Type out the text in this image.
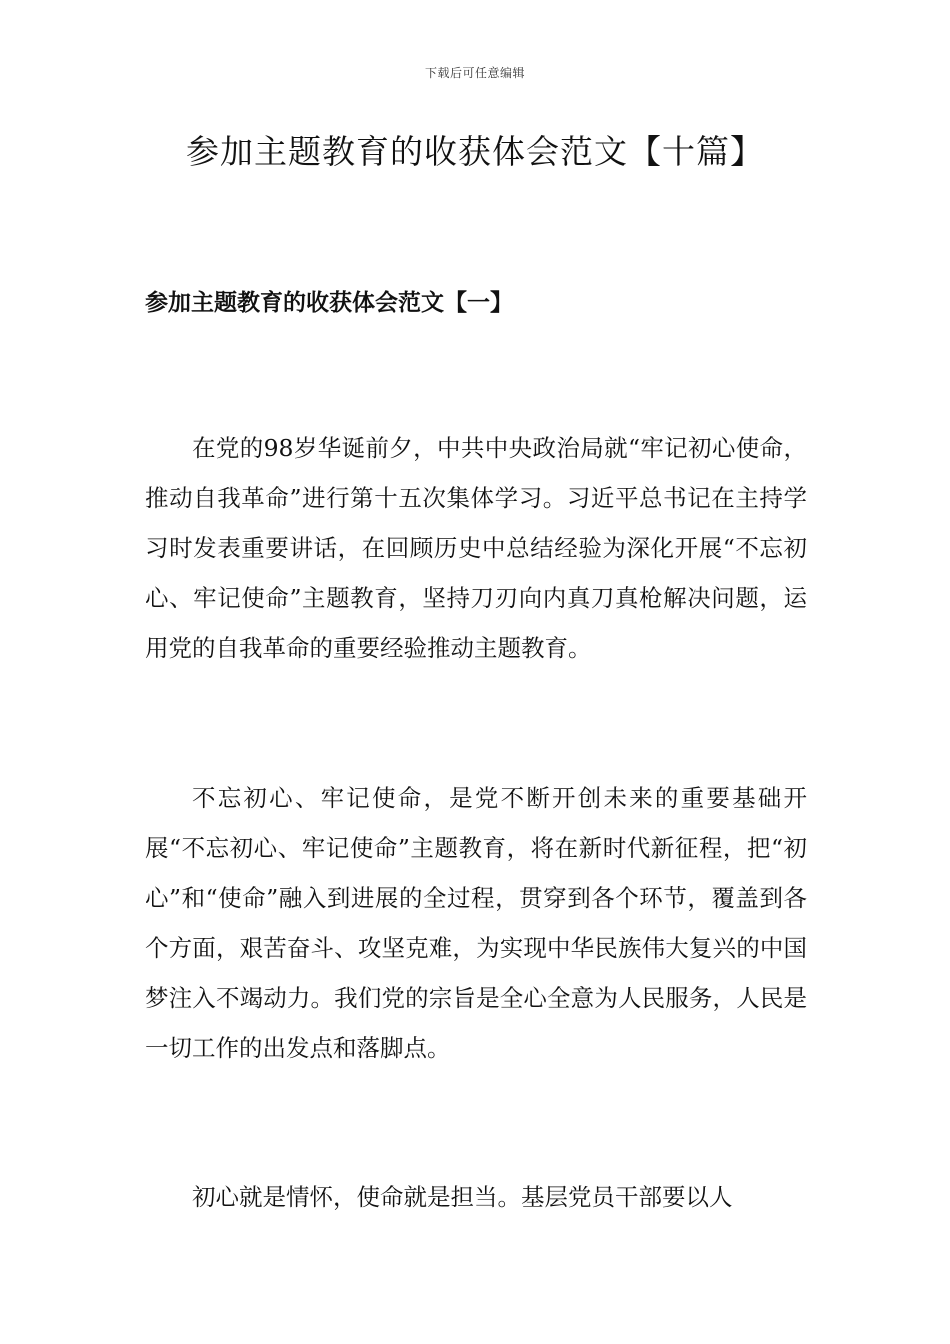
下载后可任意编辑
参加主题教育的收获体会范文【十篇】
参加主题教育的收获体会范文【一】

在党的98岁华诞前夕，中共中央政治局就“牢记初心使命，推动自我革命”进行第十五次集体学习。习近平总书记在主持学习时发表重要讲话，在回顾历史中总结经验为深化开展“不忘初心、牢记使命”主题教育，坚持刀刃向内真刀真枪解决问题，运用党的自我革命的重要经验推动主题教育。

不忘初心、牢记使命，是党不断开创未来的重要基础开展“不忘初心、牢记使命”主题教育，将在新时代新征程，把“初心”和“使命”融入到进展的全过程，贯穿到各个环节，覆盖到各个方面，艰苦奋斗、攻坚克难，为实现中华民族伟大复兴的中国梦注入不竭动力。我们党的宗旨是全心全意为人民服务，人民是一切工作的出发点和落脚点。

初心就是情怀，使命就是担当。基层党员干部要以人
